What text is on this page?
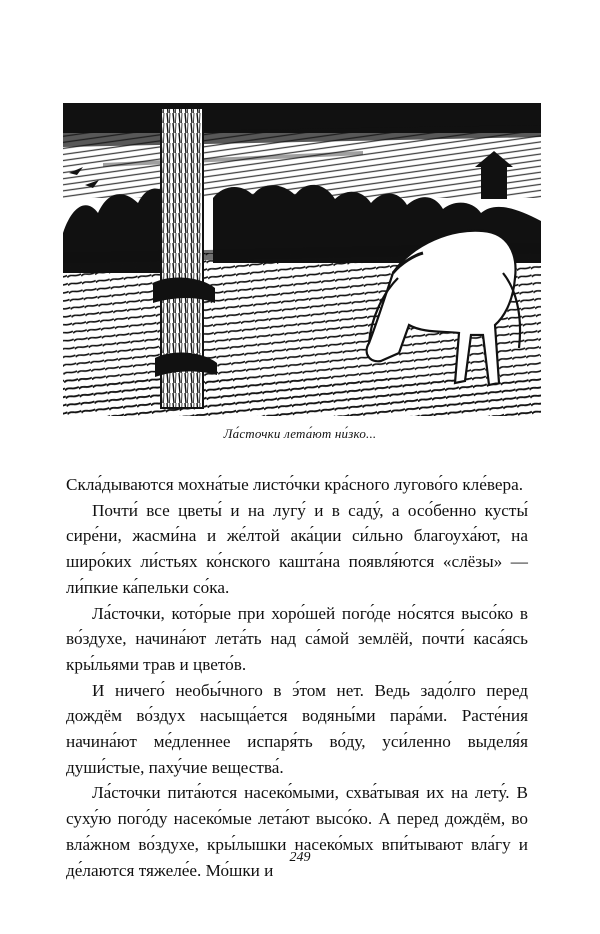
Ла́сточки лета́ют ни́зко...

Скла́дываются мохна́тые листо́чки кра́сного лугово́го кле́вера.

Почти́ все цветы́ и на лугу́ и в саду́, а осо́бенно кусты́ сире́ни, жасми́на и же́лтой ака́ции си́льно благоуха́ют, на широ́ких ли́стьях ко́нского кашта́на появля́ются «слёзы» — ли́пкие ка́пельки со́ка.

Ла́сточки, кото́рые при хоро́шей пого́де но́сятся высо́ко в во́здухе, начина́ют лета́ть над са́мой землёй, почти́ каса́ясь кры́льями трав и цвето́в.

И ничего́ необы́чного в э́том нет. Ведь задо́лго перед дождём во́здух насыща́ется водяны́ми пара́ми. Расте́ния начина́ют ме́дленнее испаря́ть во́ду, уси́ленно выделя́я души́стые, паху́чие вещества́.

Ла́сточки пита́ются насеко́мыми, схва́тывая их на лету́. В суху́ю пого́ду насеко́мые лета́ют высо́ко. А перед дождём, во вла́жном во́здухе, кры́лышки насеко́мых впи́тывают вла́гу и де́лаются тяжеле́е. Мо́шки и

249
